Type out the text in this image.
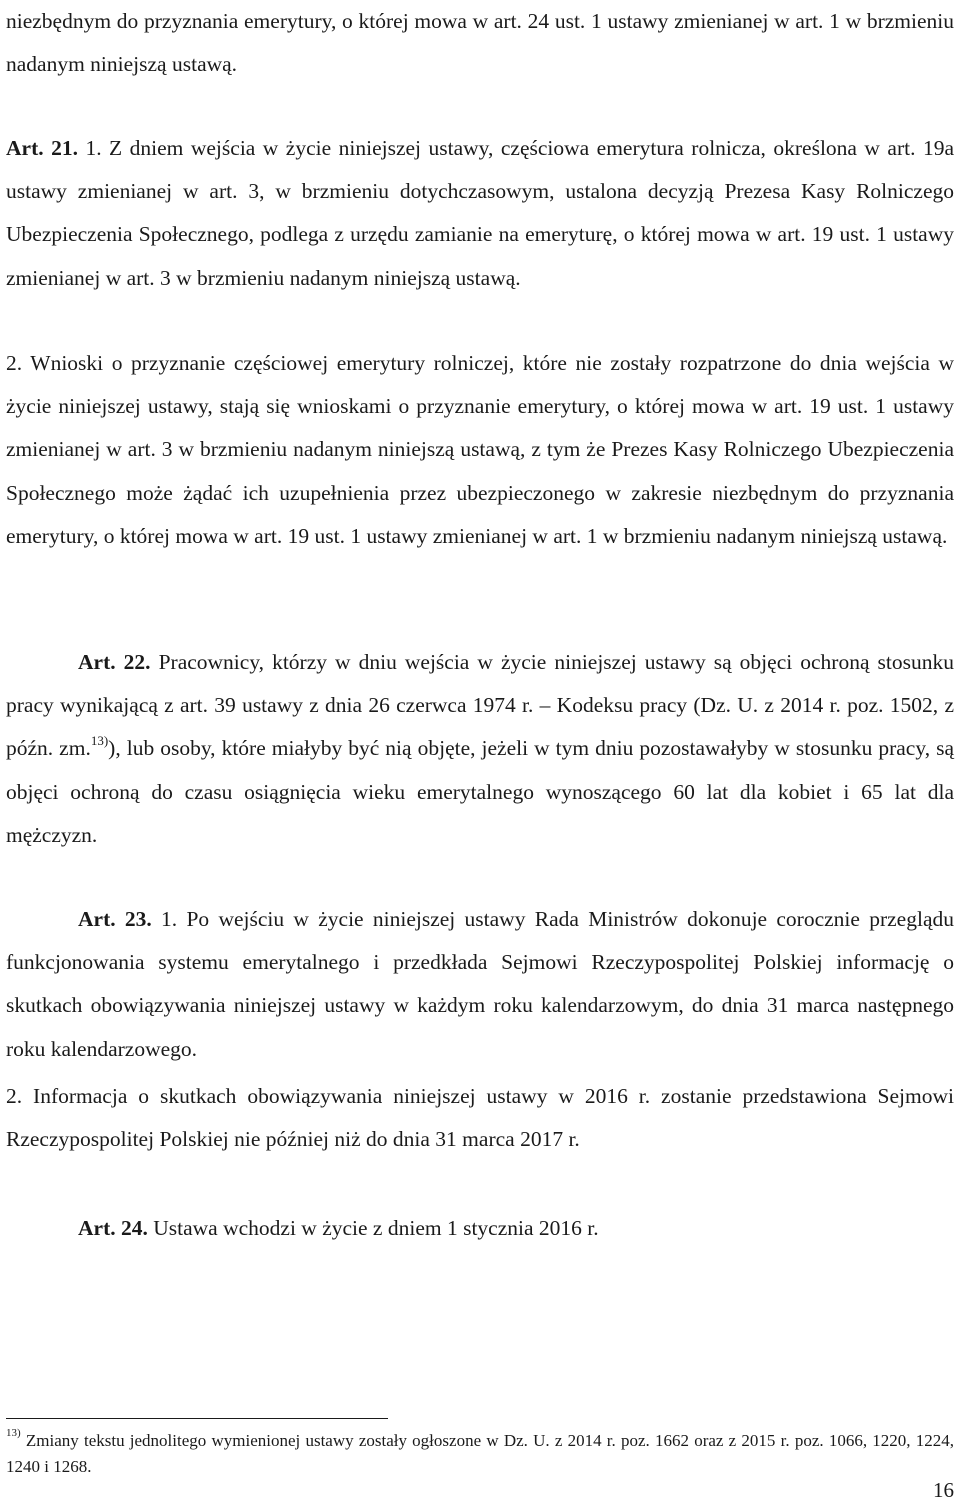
niezbędnym do przyznania emerytury, o której mowa w art. 24 ust. 1 ustawy zmienianej w art. 1 w brzmieniu nadanym niniejszą ustawą.

Art. 21. 1. Z dniem wejścia w życie niniejszej ustawy, częściowa emerytura rolnicza, określona w art. 19a ustawy zmienianej w art. 3, w brzmieniu dotychczasowym, ustalona decyzją Prezesa Kasy Rolniczego Ubezpieczenia Społecznego, podlega z urzędu zamianie na emeryturę, o której mowa w art. 19 ust. 1 ustawy zmienianej w art. 3 w brzmieniu nadanym niniejszą ustawą.

2. Wnioski o przyznanie częściowej emerytury rolniczej, które nie zostały rozpatrzone do dnia wejścia w życie niniejszej ustawy, stają się wnioskami o przyznanie emerytury, o której mowa w art. 19 ust. 1 ustawy zmienianej w art. 3 w brzmieniu nadanym niniejszą ustawą, z tym że Prezes Kasy Rolniczego Ubezpieczenia Społecznego może żądać ich uzupełnienia przez ubezpieczonego w zakresie niezbędnym do przyznania emerytury, o której mowa w art. 19 ust. 1 ustawy zmienianej w art. 1 w brzmieniu nadanym niniejszą ustawą.

Art. 22. Pracownicy, którzy w dniu wejścia w życie niniejszej ustawy są objęci ochroną stosunku pracy wynikającą z art. 39 ustawy z dnia 26 czerwca 1974 r. – Kodeksu pracy (Dz. U. z 2014 r. poz. 1502, z późn. zm.$^{13)}$), lub osoby, które miałyby być nią objęte, jeżeli w tym dniu pozostawałyby w stosunku pracy, są objęci ochroną do czasu osiągnięcia wieku emerytalnego wynoszącego 60 lat dla kobiet i 65 lat dla mężczyzn.

Art. 23. 1. Po wejściu w życie niniejszej ustawy Rada Ministrów dokonuje corocznie przeglądu funkcjonowania systemu emerytalnego i przedkłada Sejmowi Rzeczypospolitej Polskiej informację o skutkach obowiązywania niniejszej ustawy w każdym roku kalendarzowym, do dnia 31 marca następnego roku kalendarzowego.

2. Informacja o skutkach obowiązywania niniejszej ustawy w 2016 r. zostanie przedstawiona Sejmowi Rzeczypospolitej Polskiej nie później niż do dnia 31 marca 2017 r.

Art. 24. Ustawa wchodzi w życie z dniem 1 stycznia 2016 r.

$^{13)}$ Zmiany tekstu jednolitego wymienionej ustawy zostały ogłoszone w Dz. U. z 2014 r. poz. 1662 oraz z 2015 r. poz. 1066, 1220, 1224, 1240 i 1268.

16
